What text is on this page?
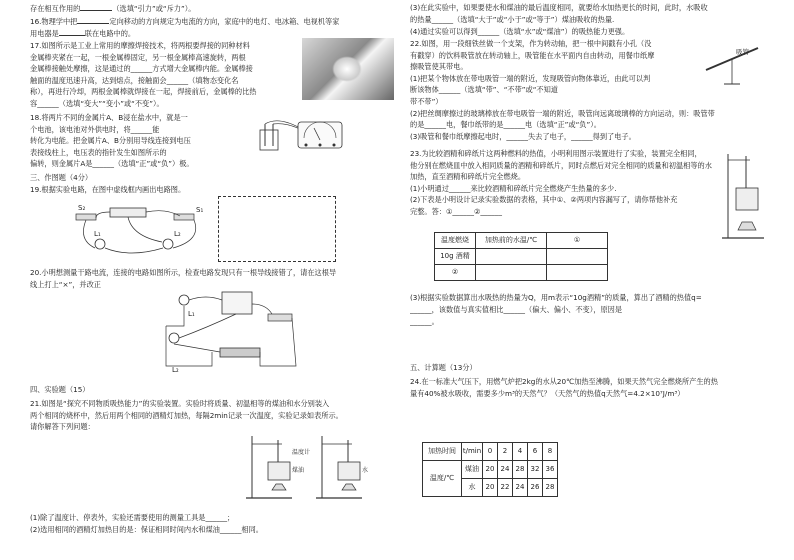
存在相互作用的	（选填“引力”或“斥力”）。
16.物理学中把	定向移动的方向规定为电流的方向，家庭中的电灯、电冰箱、电视机等家
用电器是	联在电路中的。
17.如图所示是工业上常用的摩擦焊接技术，将两根要焊接的同种材料
金属棒夹紧在一起，一根金属棒固定，另一根金属棒高速旋转，两根
金属棒接触处摩擦，这是通过的______方式增大金属棒内能。金属棒接
触面的温度迅速升高，达到熔点，接触面会______（填物态变化名
称），再进行冷却，两根金属棒就焊接在一起，焊接前后，金属棒的比热
容______（选填“变大”“变小”或“不变”）。
18.将两片不同的金属片A、B浸在盐水中，就是一
个电池，该电池对外供电时，将______能
转化为电能。把金属片A、B分别用导线连接到电压
表接线柱上，电压表的指针发生如图所示的
偏转，则金属片A是______（选填“正”或“负”）极。
三、作图题（4分）
19.根据实验电路，在图中虚线框内画出电路图。
S₂	S₁
L₁	L₂
20.小明想测量干路电流，连接的电路如图所示，检查电路发现只有一根导线接错了，请在这根导
线上打上“×”，并改正
L₁
L₂
四、实验题（15）
21.如图是“探究不同物质吸热能力”的实验装置。实验时将质量、初温相等的煤油和水分别装入
两个相同的烧杯中，然后用两个相同的酒精灯加热，每隔2min记录一次温度，实验记录如表所示。
请你解答下列问题：
温度计
煤油	水
(1)除了温度计、停表外，实验还需要使用的测量工具是______；
(2)选用相同的酒精灯加热目的是：保证相同时间内水和煤油______相同。
(3)在此实验中，如果要使水和煤油的最后温度相同，就要给水加热更长的时间，此时，水吸收
的热量______（选填“大于”或“小于”或“等于”）煤油吸收的热量.
(4)通过实验可以得到______（选填“水”或“煤油”）的吸热能力更强。
22.如图，用一段细铁丝做一个支架，作为转动轴，把一根中间戳有小孔（没
有戳穿）的饮料吸管放在转动轴上，吸管能在水平面内自由转动，用餐巾纸摩
擦吸管使其带电。
(1)把某个物体放在带电吸管一端的附近，发现吸管向物体靠近，由此可以判
断该物体______（选填“带”、“不带”或“不知道
带不带”）
(2)把丝绸摩擦过的玻璃棒放在带电吸管一端的附近，吸管向远离玻璃棒的方向运动，则：吸管带
的是______电，餐巾纸带的是______电（选填“正”或“负”）。
(3)吸管和餐巾纸摩擦起电时，______失去了电子，______得到了电子。
吸管
23.为比较酒精和碎纸片这两种燃料的热值，小明利用图示装置进行了实验，装置完全相同，
他分别在燃烧皿中放入相同质量的酒精和碎纸片，同时点燃后对完全相同的质量和初温相等的水
加热，直至酒精和碎纸片完全燃烧。
(1)小明通过______来比较酒精和碎纸片完全燃烧产生热量的多少.
(2)下表是小明设计记录实验数据的表格，其中①、②两项内容漏写了，请你帮他补充
完整。答：①______②______
温度燃烧	加热前的水温/℃	①
10g 酒精		
②		
(3)根据实验数据算出水吸热的热量为Q，用m表示“10g酒精”的质量，算出了酒精的热值q=
______，该数值与真实值相比______（偏大、偏小、不变），原因是
______。
五、计算题（13分）
24.在一标准大气压下，用燃气炉把2kg的水从20℃加热至沸腾，如果天然气完全燃烧所产生的热
量有40%被水吸收，需要多少m³的天然气？（天然气的热值q天然气=4.2×10⁷J/m³）
加热时间	t/min	0	2	4	6	8
温度/℃	煤油	20	24	28	32	36
	水	20	22	24	26	28
